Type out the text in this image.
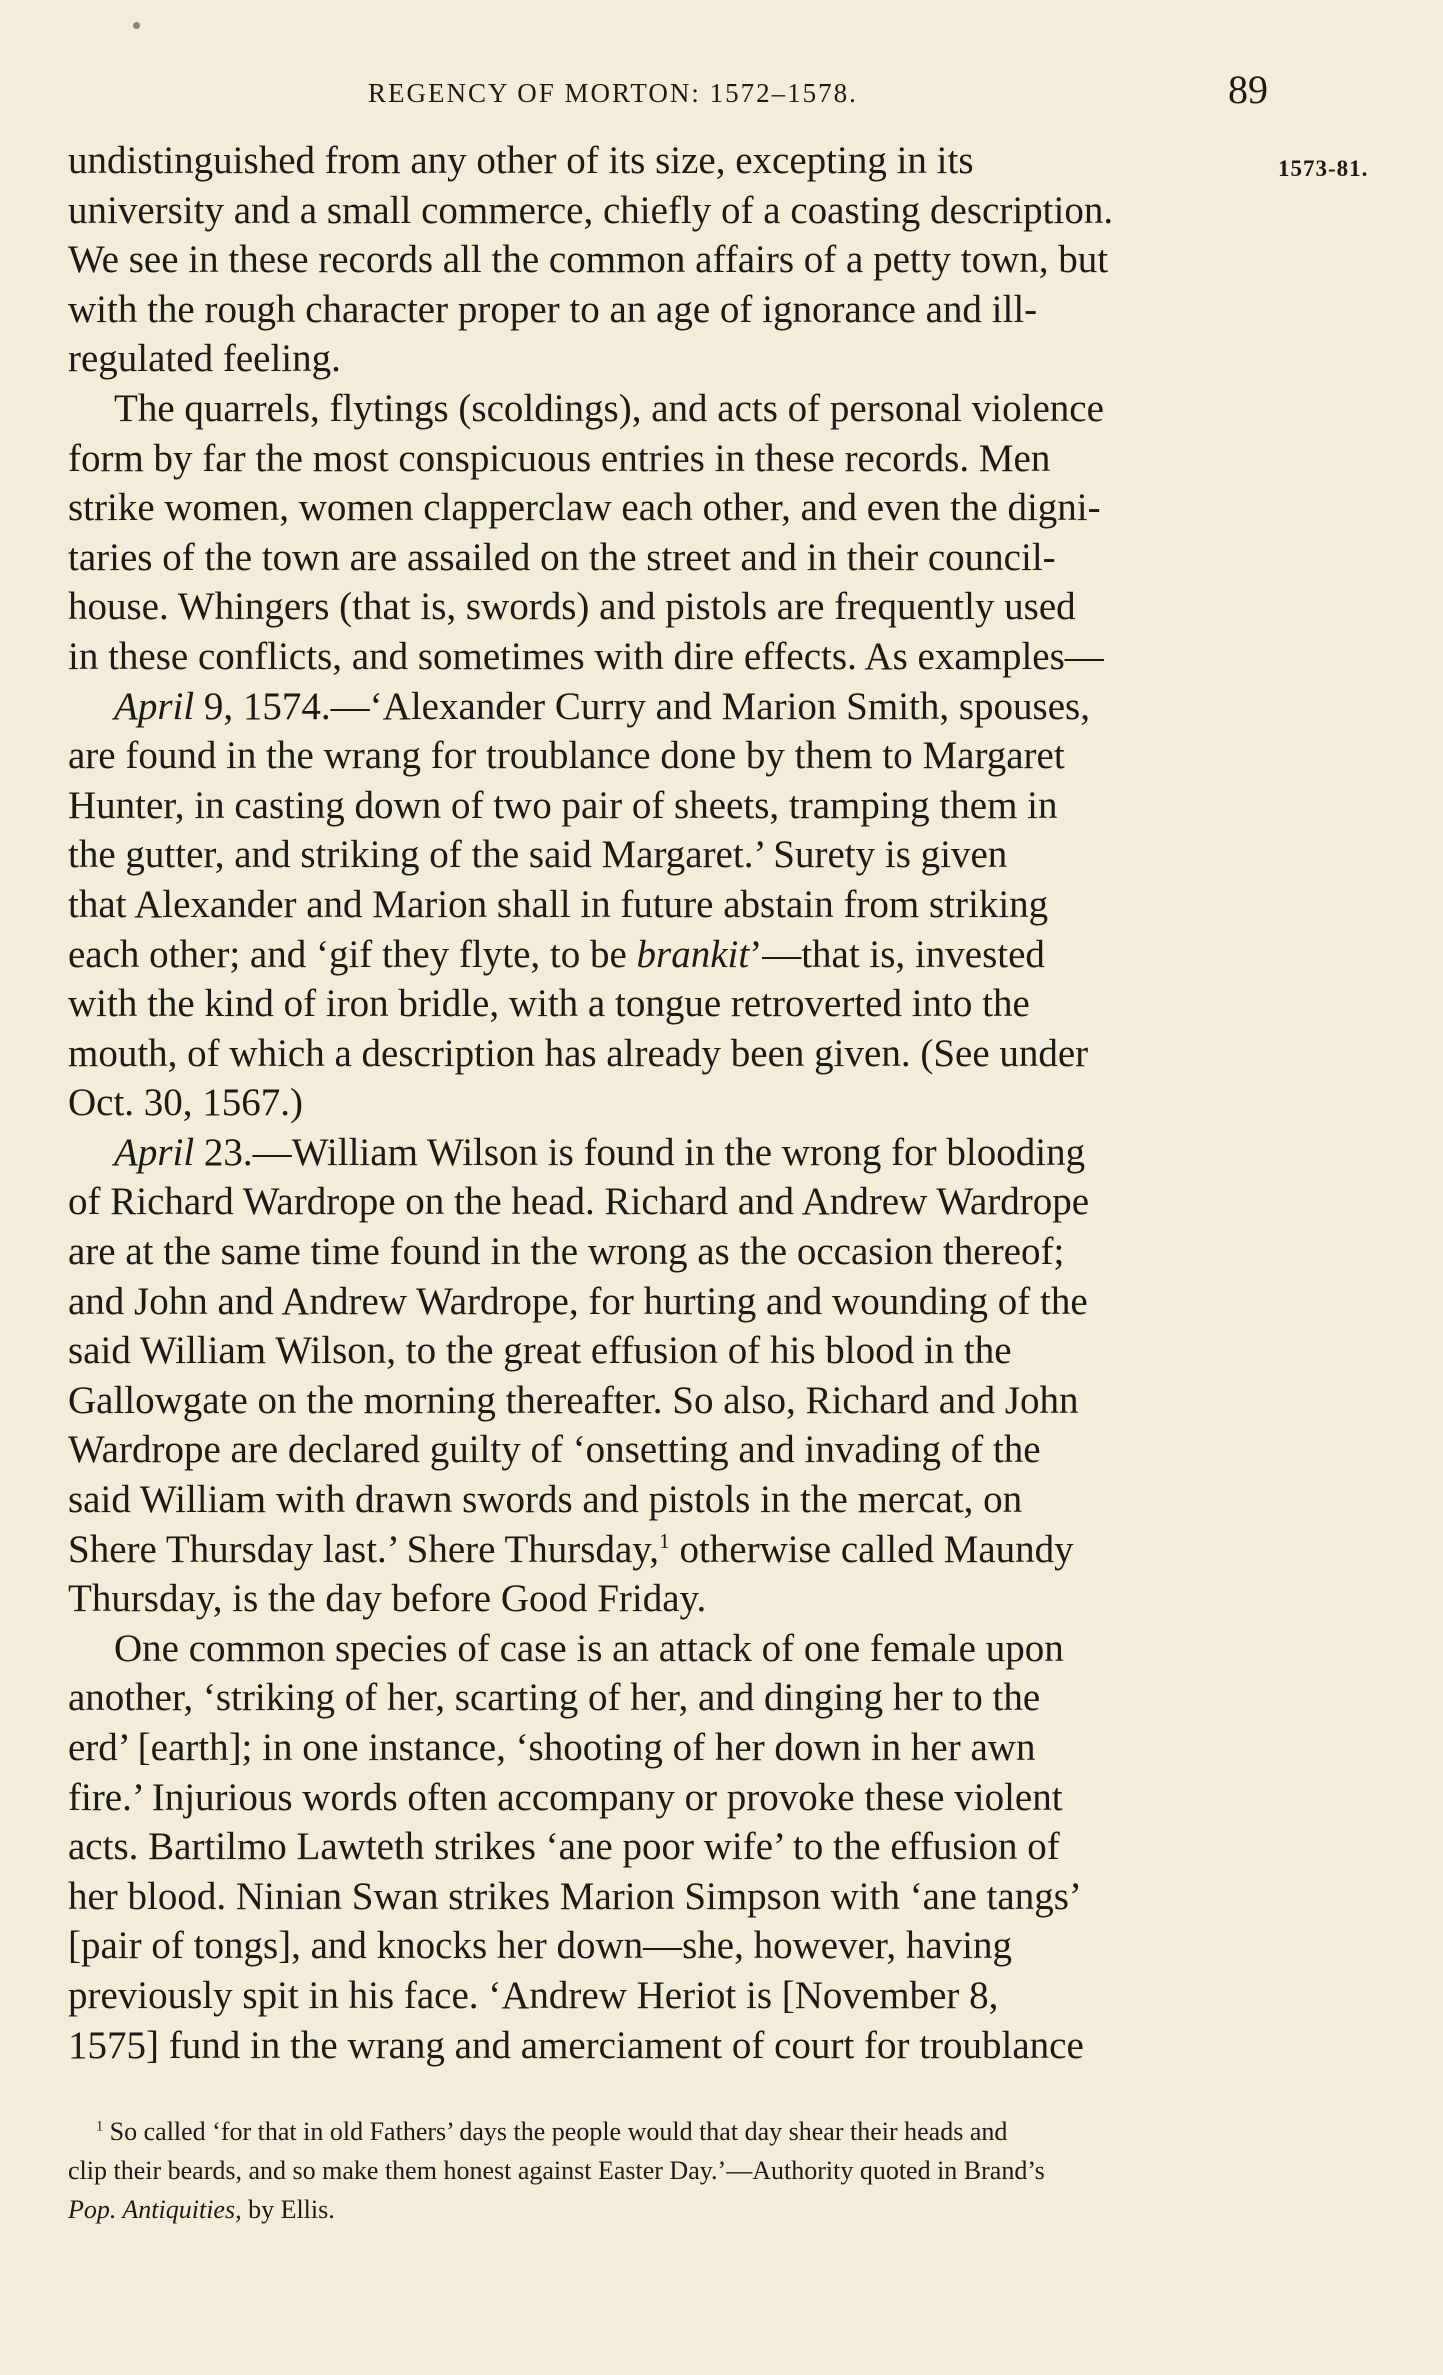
REGENCY OF MORTON: 1572–1578.	89
1573-81.
undistinguished from any other of its size, excepting in its
university and a small commerce, chiefly of a coasting description.
We see in these records all the common affairs of a petty town, but
with the rough character proper to an age of ignorance and ill-
regulated feeling.
The quarrels, flytings (scoldings), and acts of personal violence
form by far the most conspicuous entries in these records. Men
strike women, women clapperclaw each other, and even the digni-
taries of the town are assailed on the street and in their council-
house. Whingers (that is, swords) and pistols are frequently used
in these conflicts, and sometimes with dire effects. As examples—
April 9, 1574.—‘Alexander Curry and Marion Smith, spouses,
are found in the wrang for troublance done by them to Margaret
Hunter, in casting down of two pair of sheets, tramping them in
the gutter, and striking of the said Margaret.’ Surety is given
that Alexander and Marion shall in future abstain from striking
each other; and ‘gif they flyte, to be brankit’—that is, invested
with the kind of iron bridle, with a tongue retroverted into the
mouth, of which a description has already been given. (See under
Oct. 30, 1567.)
April 23.—William Wilson is found in the wrong for blooding
of Richard Wardrope on the head. Richard and Andrew Wardrope
are at the same time found in the wrong as the occasion thereof;
and John and Andrew Wardrope, for hurting and wounding of the
said William Wilson, to the great effusion of his blood in the
Gallowgate on the morning thereafter. So also, Richard and John
Wardrope are declared guilty of ‘onsetting and invading of the
said William with drawn swords and pistols in the mercat, on
Shere Thursday last.’ Shere Thursday,$^1$ otherwise called Maundy
Thursday, is the day before Good Friday.
One common species of case is an attack of one female upon
another, ‘striking of her, scarting of her, and dinging her to the
erd’ [earth]; in one instance, ‘shooting of her down in her awn
fire.’ Injurious words often accompany or provoke these violent
acts. Bartilmo Lawteth strikes ‘ane poor wife’ to the effusion of
her blood. Ninian Swan strikes Marion Simpson with ‘ane tangs’
[pair of tongs], and knocks her down—she, however, having
previously spit in his face. ‘Andrew Heriot is [November 8,
1575] fund in the wrang and amerciament of court for troublance
$^1$ So called ‘for that in old Fathers’ days the people would that day shear their heads and
clip their beards, and so make them honest against Easter Day.’—Authority quoted in Brand’s
Pop. Antiquities, by Ellis.
